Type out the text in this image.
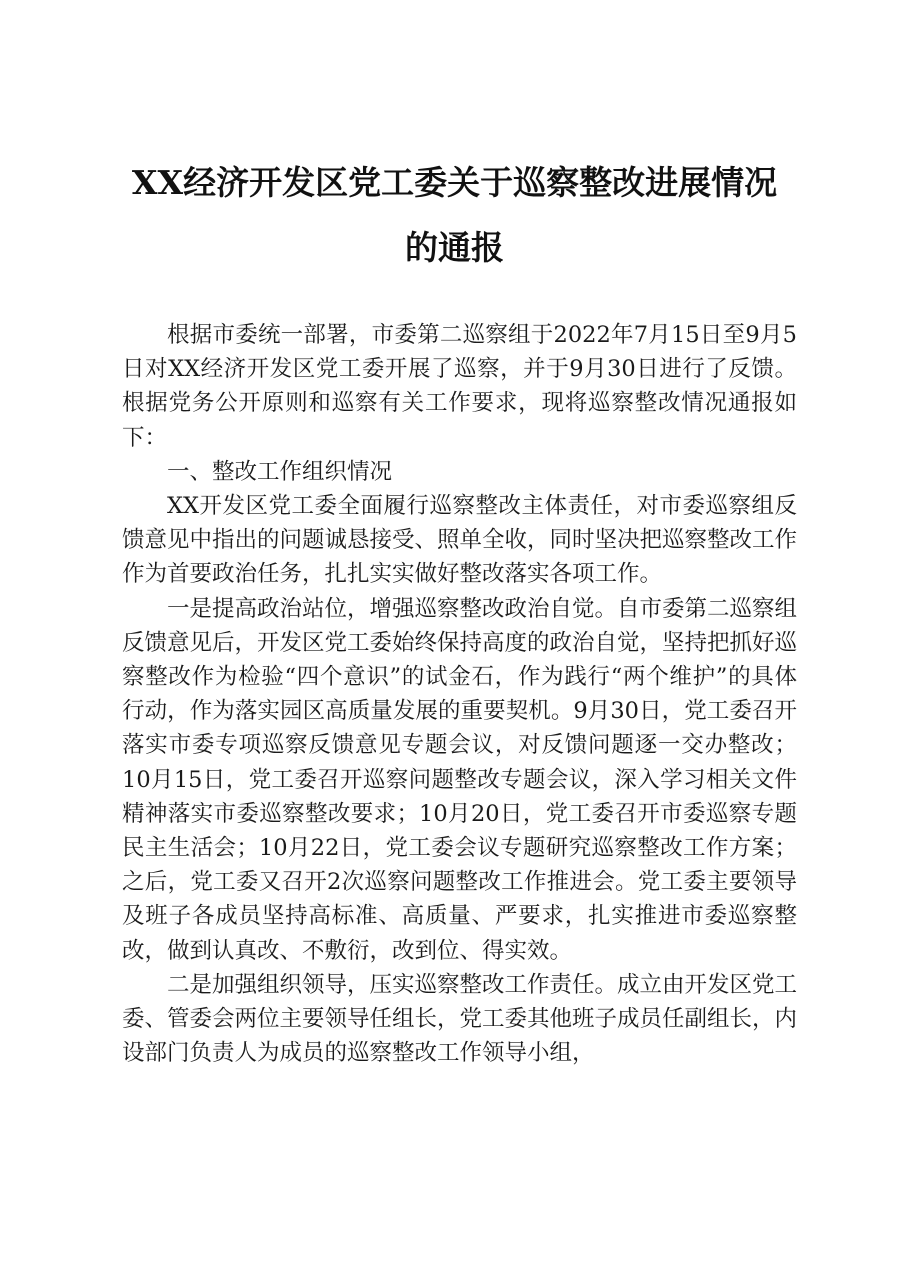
XX经济开发区党工委关于巡察整改进展情况
的通报

根据市委统一部署，市委第二巡察组于2022年7月15日至9月5日对XX经济开发区党工委开展了巡察，并于9月30日进行了反馈。根据党务公开原则和巡察有关工作要求，现将巡察整改情况通报如下：

一、整改工作组织情况

XX开发区党工委全面履行巡察整改主体责任，对市委巡察组反馈意见中指出的问题诚恳接受、照单全收，同时坚决把巡察整改工作作为首要政治任务，扎扎实实做好整改落实各项工作。

一是提高政治站位，增强巡察整改政治自觉。自市委第二巡察组反馈意见后，开发区党工委始终保持高度的政治自觉，坚持把抓好巡察整改作为检验“四个意识”的试金石，作为践行“两个维护”的具体行动，作为落实园区高质量发展的重要契机。9月30日，党工委召开落实市委专项巡察反馈意见专题会议，对反馈问题逐一交办整改；10月15日，党工委召开巡察问题整改专题会议，深入学习相关文件精神落实市委巡察整改要求；10月20日，党工委召开市委巡察专题民主生活会；10月22日，党工委会议专题研究巡察整改工作方案；之后，党工委又召开2次巡察问题整改工作推进会。党工委主要领导及班子各成员坚持高标准、高质量、严要求，扎实推进市委巡察整改，做到认真改、不敷衍，改到位、得实效。

二是加强组织领导，压实巡察整改工作责任。成立由开发区党工委、管委会两位主要领导任组长，党工委其他班子成员任副组长，内设部门负责人为成员的巡察整改工作领导小组，
